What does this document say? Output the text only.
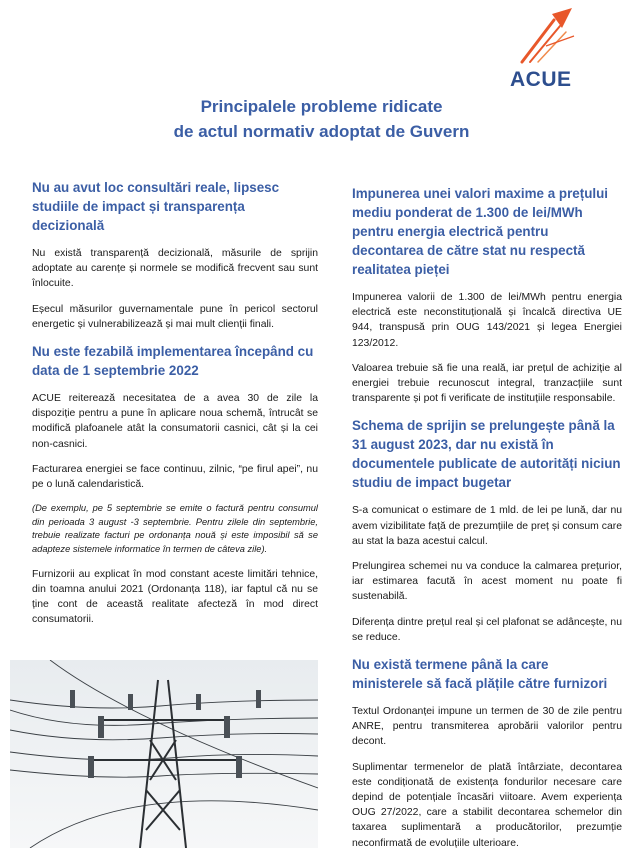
ACUE
Principalele probleme ridicate
de actul normativ adoptat de Guvern
Nu au avut loc consultări reale, lipsesc studiile de impact și transparența decizională

Nu există transparență decizională, măsurile de sprijin adoptate au carențe și normele se modifică frecvent sau sunt înlocuite.

Eșecul măsurilor guvernamentale pune în pericol sectorul energetic și vulnerabilizează și mai mult clienții finali.

Nu este fezabilă implementarea începând cu data de 1 septembrie 2022

ACUE reiterează necesitatea de a avea 30 de zile la dispoziție pentru a pune în aplicare noua schemă, întrucât se modifică plafoanele atât la consumatorii casnici, cât și la cei non-casnici.

Facturarea energiei se face continuu, zilnic, “pe firul apei”, nu pe o lună calendaristică.

(De exemplu, pe 5 septembrie se emite o factură pentru consumul din perioada 3 august -3 septembrie. Pentru zilele din septembrie, trebuie realizate facturi pe ordonanța nouă și este imposibil să se adapteze sistemele informatice în termen de câteva zile).

Furnizorii au explicat în mod constant aceste limitări tehnice, din toamna anului 2021 (Ordonanța 118), iar faptul că nu se ține cont de această realitate afecteză în mod direct consumatorii.

Impunerea unei valori maxime a prețului mediu ponderat de 1.300 de lei/MWh pentru energia electrică pentru decontarea de către stat nu respectă realitatea pieței

Impunerea valorii de 1.300 de lei/MWh pentru energia electrică este neconstituțională și încalcă directiva UE 944, transpusă prin OUG 143/2021 și legea Energiei 123/2012.

Valoarea trebuie să fie una reală, iar prețul de achiziție al energiei trebuie recunoscut integral, tranzacțiile sunt transparente și pot fi verificate de instituțiile responsabile.

Schema de sprijin se prelungește până la 31 august 2023, dar nu există în documentele publicate de autorități niciun studiu de impact bugetar

S-a comunicat o estimare de 1 mld. de lei pe lună, dar nu avem vizibilitate față de prezumțiile de preț și consum care au stat la baza acestui calcul.

Prelungirea schemei nu va conduce la calmarea prețurior, iar estimarea facută în acest moment nu poate fi sustenabilă.

Diferența dintre prețul real și cel plafonat se adâncește, nu se reduce.

Nu există termene până la care ministerele să facă plățile către furnizori

Textul Ordonanței impune un termen de 30 de zile pentru ANRE, pentru transmiterea aprobării valorilor pentru decont.

Suplimentar termenelor de plată întârziate, decontarea este condiționată de existența fondurilor necesare care depind de potențiale încasări viitoare. Avem experiența OUG 27/2022, care a stabilit decontarea schemelor din taxarea suplimentară a producătorilor, prezumție neconfirmată de evoluțiile ulterioare.
